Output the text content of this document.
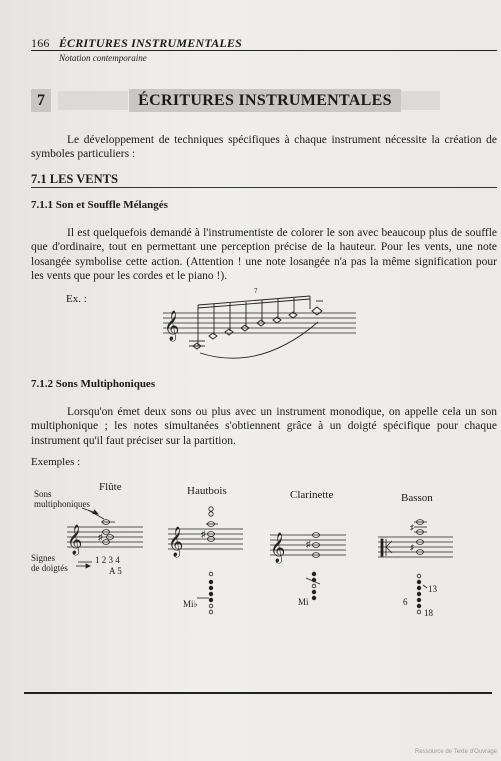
166 ÉCRITURES INSTRUMENTALES
Notation contemporaine
7	ÉCRITURES INSTRUMENTALES
Le développement de techniques spécifiques à chaque instrument nécessite la création de symboles particuliers :
7.1 LES VENTS
7.1.1 Son et Souffle Mélangés
Il est quelquefois demandé à l'instrumentiste de colorer le son avec beaucoup plus de souffle que d'ordinaire, tout en permettant une perception précise de la hauteur. Pour les vents, une note losangée symbolise cette action. (Attention ! une note losangée n'a pas la même signification pour les vents que pour les cordes et le piano !).
Ex. :
7.1.2 Sons Multiphoniques
Lorsqu'on émet deux sons ou plus avec un instrument monodique, on appelle cela un son multiphonique ; les notes simultanées s'obtiennent grâce à un doigté spécifique pour chaque instrument qu'il faut préciser sur la partition.
Exemples :
Flûte	Hautbois	Clarinette	Basson
Sons
multiphoniques
Signes
de doigtés
1 2 3 4
A 5
Mi♭	Mi
13
6
18
𝄞
7
♯
𝄞	♯
𝄞	♯
𝄞
♯
♯
Ressource de Texte d'Ouvrage
